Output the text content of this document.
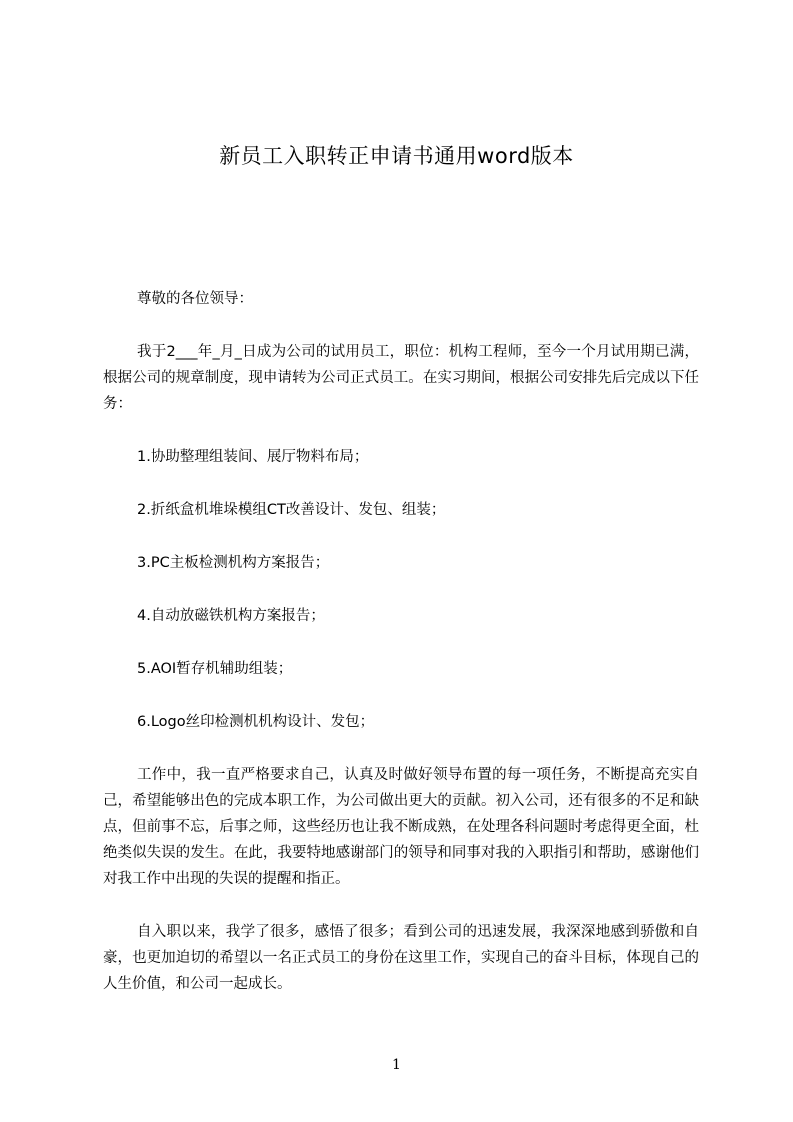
新员工入职转正申请书通用word版本

尊敬的各位领导：

我于2___年_月_日成为公司的试用员工，职位：机构工程师，至今一个月试用期已满，根据公司的规章制度，现申请转为公司正式员工。在实习期间，根据公司安排先后完成以下任务：

1.协助整理组装间、展厅物料布局；

2.折纸盒机堆垛模组CT改善设计、发包、组装；

3.PC主板检测机构方案报告；

4.自动放磁铁机构方案报告；

5.AOI暂存机辅助组装；

6.Logo丝印检测机机构设计、发包；

工作中，我一直严格要求自己，认真及时做好领导布置的每一项任务，不断提高充实自己，希望能够出色的完成本职工作，为公司做出更大的贡献。初入公司，还有很多的不足和缺点，但前事不忘，后事之师，这些经历也让我不断成熟，在处理各科问题时考虑得更全面，杜绝类似失误的发生。在此，我要特地感谢部门的领导和同事对我的入职指引和帮助，感谢他们对我工作中出现的失误的提醒和指正。

自入职以来，我学了很多，感悟了很多；看到公司的迅速发展，我深深地感到骄傲和自豪，也更加迫切的希望以一名正式员工的身份在这里工作，实现自己的奋斗目标，体现自己的人生价值，和公司一起成长。

1
